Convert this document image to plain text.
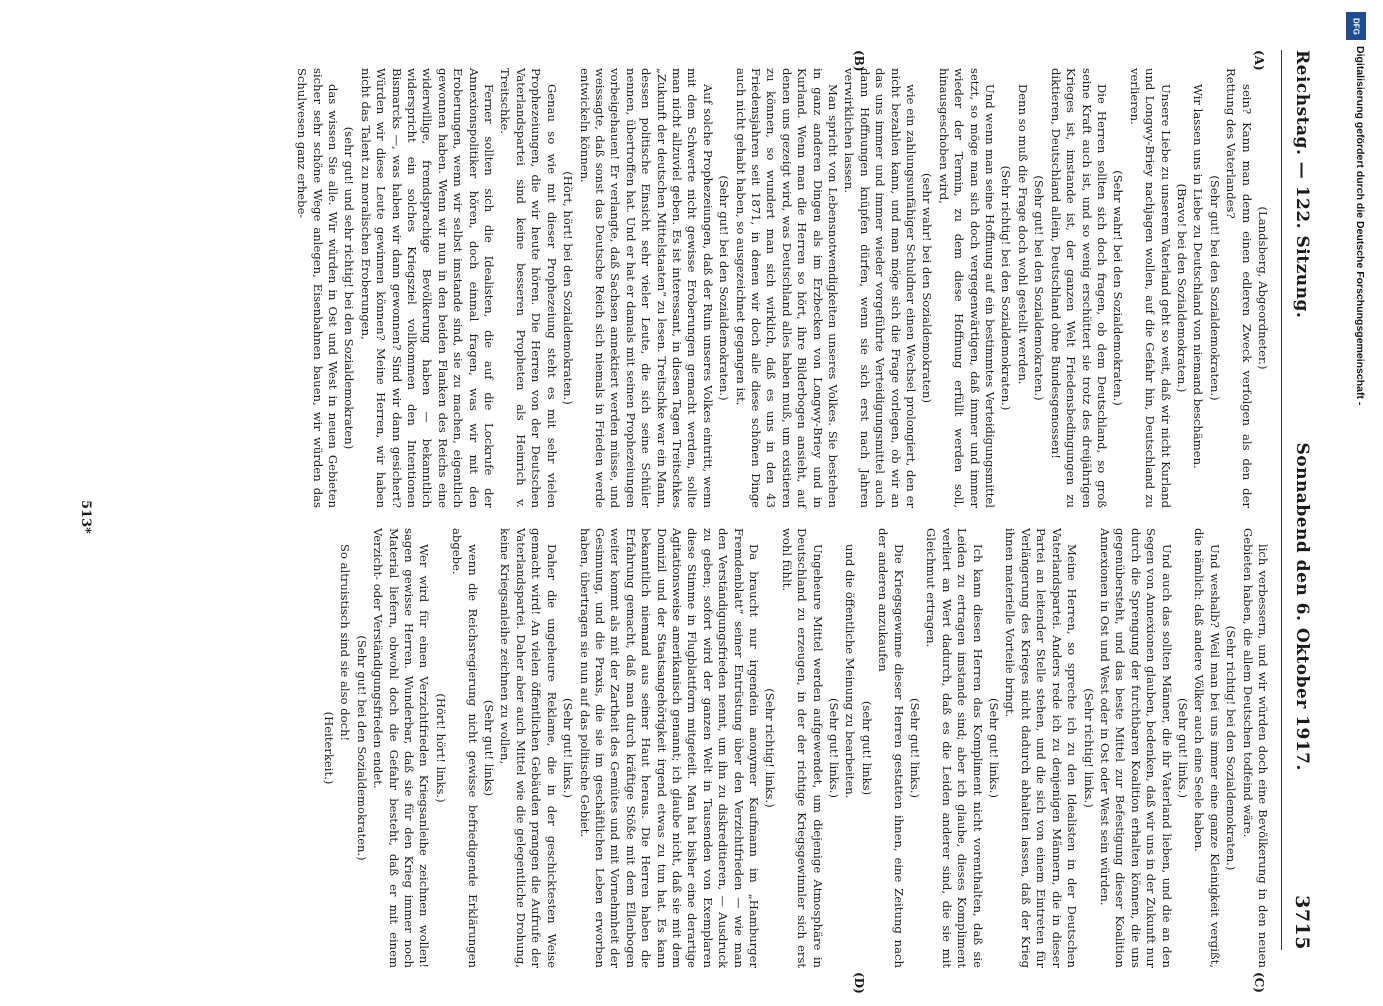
Reichstag. — 122. Sitzung.
Sonnabend den 6. Oktober 1917.
3715
(A)
(B)
(C)
(D)

(Landsberg, Abgeordneter.)

sein? Kann man denn einen edleren Zweck verfolgen als den der Rettung des Vaterlandes?

(Sehr gut! bei den Sozialdemokraten.)

Wir lassen uns in Liebe zu Deutschland von niemand beschämen.

(Bravo! bei den Sozialdemokraten.)

Unsere Liebe zu unserem Vaterland geht so weit, daß wir nicht Kurland und Longwy-Briey nachjagen wollen, auf die Gefahr hin, Deutschland zu verlieren.

(Sehr wahr! bei den Sozialdemokraten.)

Die Herren sollten sich doch fragen, ob dem Deutschland, so groß seine Kraft auch ist, und so wenig erschüttert sie trotz des dreijährigen Krieges ist, imstande ist, der ganzen Welt Friedensbedingungen zu diktieren, Deutschland allein, Deutschland ohne Bundesgenossen!

(Sehr gut! bei den Sozialdemokraten.)

Denn so muß die Frage doch wohl gestellt werden.

(Sehr richtig! bei den Sozialdemokraten.)

Und wenn man seine Hoffnung auf ein bestimmtes Verteidigungsmittel setzt, so möge man sich doch vergegenwärtigen, daß immer und immer wieder der Termin, zu dem diese Hoffnung erfüllt werden soll, hinausgeschoben wird,

(sehr wahr! bei den Sozialdemokraten)

wie ein zahlungsunfähiger Schuldner einen Wechsel prolongiert, den er nicht bezahlen kann, und man möge sich die Frage vorlegen, ob wir an das uns immer und immer wieder vorgeführte Verteidigungsmittel auch dann Hoffnungen knüpfen dürfen, wenn sie sich erst nach Jahren verwirklichen lassen.

Man spricht von Lebensnotwendigkeiten unseres Volkes. Sie bestehen in ganz anderen Dingen als im Erzbecken von Longwy-Briey und in Kurland. Wenn man die Herren so hört, ihre Bilderbogen ansieht, auf denen uns gezeigt wird, was Deutschland alles haben muß, um existieren zu können, so wundert man sich wirklich, daß es uns in den 43 Friedensjahren seit 1871, in denen wir doch alle diese schönen Dinge auch nicht gehabt haben, so ausgezeichnet gegangen ist.

(Sehr gut! bei den Sozialdemokraten.)

Auf solche Prophezeiungen, daß der Ruin unseres Volkes eintritt, wenn mit dem Schwerte nicht gewisse Eroberungen gemacht werden, sollte man nicht allzuviel geben. Es ist interessant, in diesen Tagen Treitschkes „Zukunft der deutschen Mittelstaaten“ zu lesen. Treitschke war ein Mann, dessen politische Einsicht sehr vieler Leute, die sich seine Schüler nennen, übertroffen hat. Und er hat er damals mit seinen Prophezeiungen vorbeigehauen! Er verlangte, daß Sachsen annektiert werden müsse, und weissagte, daß sonst das Deutsche Reich sich niemals in Frieden werde entwickeln können.

(Hört, hört! bei den Sozialdemokraten.)

Genau so wie mit dieser Prophezeiung steht es mit sehr vielen Prophezeiungen, die wir heute hören. Die Herren von der Deutschen Vaterlandspartei sind keine besseren Propheten als Heinrich v. Treitschke.

Ferner sollten sich die Idealisten, die auf die Lockrufe der Annexionspolitiker hören, doch einmal fragen, was wir mit den Eroberungen, wenn wir selbst imstande sind, sie zu machen, eigentlich gewonnen haben. Wenn wir nun in den beiden Flanken des Reichs eine widerwillige, fremdsprachige Bevölkerung haben — bekanntlich widerspricht ein solches Kriegsziel vollkommen den Intentionen Bismarcks —, was haben wir dann gewonnen? Sind wir dann gesichert? Würden wir diese Leute gewinnen können? Meine Herren, wir haben nicht das Talent zu moralischen Eroberungen,

(sehr gut! und sehr richtig! bei den Sozialdemokraten)

das wissen Sie alle. Wir würden in Ost und West in neuen Gebieten sicher sehr schöne Wege anlegen, Eisenbahnen bauen, wir würden das Schulwesen ganz erhebe-

lich verbessern, und wir würden doch eine Bevölkerung in den neuen Gebieten haben, die allem Deutschen todfeind wäre.

(Sehr richtig! bei den Sozialdemokraten.)

Und weshalb? Weil man bei uns immer eine ganze Kleinigkeit vergißt, die nämlich: daß andere Völker auch eine Seele haben.

(Sehr gut! links.)

Und auch das sollten Männer, die ihr Vaterland lieben, und die an den Segen von Annexionen glauben, bedenken, daß wir uns in der Zukunft nur durch die Sprengung der furchtbaren Koalition erhalten können, die uns gegenübersteht, und das beste Mittel zur Befestigung dieser Koalition Annexionen in Ost und West oder in Ost oder West sein würden.

(Sehr richtig! links.)

Meine Herren, so spreche ich zu den Idealisten in der Deutschen Vaterlandspartei. Anders rede ich zu denjenigen Männern, die in dieser Partei an leitender Stelle stehen, und die sich von einem Eintreten für Verlängerung des Krieges nicht dadurch abhalten lassen, daß der Krieg ihnen materielle Vorteile bringt.

(Sehr gut! links.)

Ich kann diesen Herren das Kompliment nicht vorenthalten, daß sie Leiden zu ertragen imstande sind; aber ich glaube, dieses Kompliment verliert an Wert dadurch, daß es die Leiden anderer sind, die sie mit Gleichmut ertragen.

(Sehr gut! links.)

Die Kriegsgewinne dieser Herren gestatten ihnen, eine Zeitung nach der anderen anzukaufen

(sehr gut! links)

und die öffentliche Meinung zu bearbeiten.

(Sehr gut! links.)

Ungeheure Mittel werden aufgewendet, um diejenige Atmosphäre in Deutschland zu erzeugen, in der der richtige Kriegsgewinnler sich erst wohl fühlt.

(Sehr richtig! links.)

Da braucht nur irgendein anonymer Kaufmann im „Hamburger Fremdenblatt“ seiner Entrüstung über den Verzichtfrieden — wie man den Verständigungsfrieden nennt, um ihn zu diskreditieren, — Ausdruck zu geben; sofort wird der ganzen Welt in Tausenden von Exemplaren diese Stimme in Flugblattform mitgeteilt. Man hat bisher eine derartige Agitationsweise amerikanisch genannt; ich glaube nicht, daß sie mit dem Domizil und der Staatsangehörigkeit irgend etwas zu tun hat. Es kann bekanntlich niemand aus seiner Haut heraus. Die Herren haben die Erfahrung gemacht, daß man durch kräftige Stöße mit dem Ellenbogen weiter kommt als mit der Zartheit des Gemütes und mit Vornehmheit der Gesinnung, und die Praxis, die sie im geschäftlichen Leben erworben haben, übertragen sie nun auf das politische Gebiet.

(Sehr gut! links.)

Daher die ungeheure Reklame, die in der geschicktesten Weise gemacht wird! An vielen öffentlichen Gebäuden prangen die Aufrufe der Vaterlandspartei. Daher aber auch Mittel wie die gelegentliche Drohung, keine Kriegsanleihe zeichnen zu wollen,

(Sehr gut! links)

wenn die Reichsregierung nicht gewisse befriedigende Erklärungen abgebe.

(Hört! hört! links.)

Wer wird für einen Verzichtfrieden Kriegsanleihe zeichnen wollen! sagen gewisse Herren. Wunderbar, daß sie für den Krieg immer noch Material liefern, obwohl doch die Gefahr besteht, daß er mit einem Verzicht- oder Verständigungsfrieden endet.

(Sehr gut! bei den Sozialdemokraten.)

So altruistisch sind sie also doch!

(Heiterkeit.)

513*
DFG
Digitalisierung gefördert durch die Deutsche Forschungsgemeinschaft -
